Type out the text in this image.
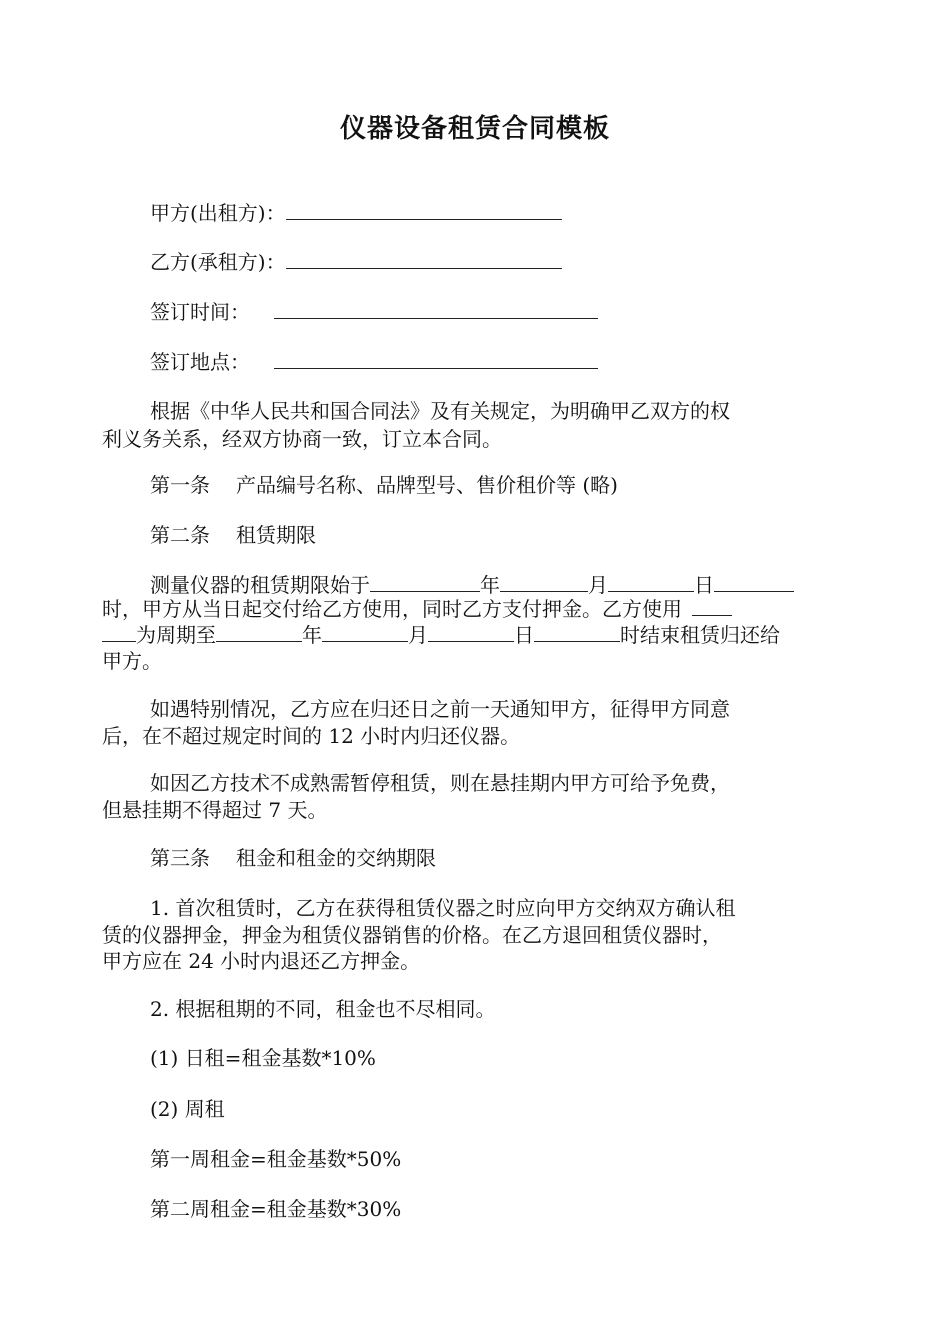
仪器设备租赁合同模板
甲方(出租方)：
乙方(承租方)：
签订时间：
签订地点：
根据《中华人民共和国合同法》及有关规定，为明确甲乙双方的权
利义务关系，经双方协商一致，订立本合同。
第一条 产品编号名称、品牌型号、售价租价等 (略)
第二条 租赁期限
测量仪器的租赁期限始于	年	月	日
时，甲方从当日起交付给乙方使用，同时乙方支付押金。乙方使用
为周期至	年	月	日	时结束租赁归还给
甲方。
如遇特别情况，乙方应在归还日之前一天通知甲方，征得甲方同意
后，在不超过规定时间的 12 小时内归还仪器。
如因乙方技术不成熟需暂停租赁，则在悬挂期内甲方可给予免费，
但悬挂期不得超过 7 天。
第三条 租金和租金的交纳期限
1. 首次租赁时，乙方在获得租赁仪器之时应向甲方交纳双方确认租
赁的仪器押金，押金为租赁仪器销售的价格。在乙方退回租赁仪器时，
甲方应在 24 小时内退还乙方押金。
2. 根据租期的不同，租金也不尽相同。
(1) 日租=租金基数*10%
(2) 周租
第一周租金=租金基数*50%
第二周租金=租金基数*30%
